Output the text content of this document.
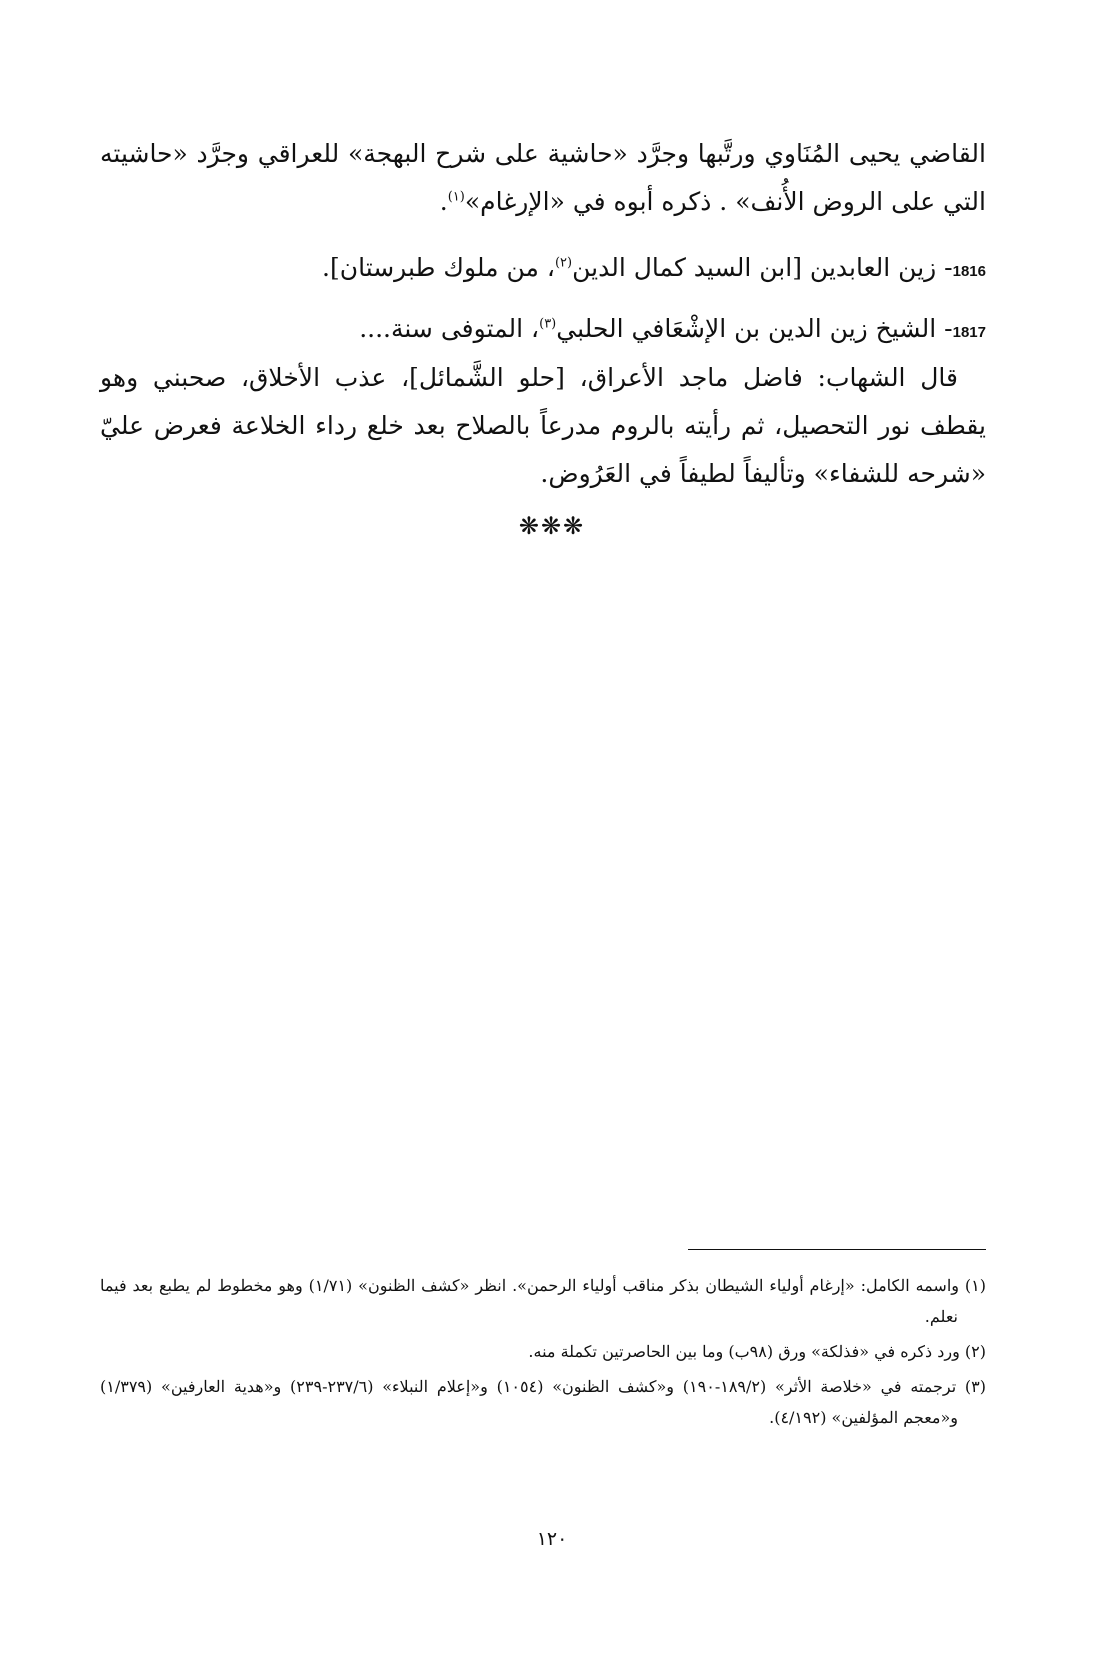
القاضي يحيى المُنَاوي ورتَّبها وجرَّد «حاشية على شرح البهجة» للعراقي وجرَّد «حاشيته التي على الروض الأُنف» . ذكره أبوه في «الإرغام»$^{(١)}$.

1816- زين العابدين [ابن السيد كمال الدين$^{(٢)}$، من ملوك طبرستان].

1817- الشيخ زين الدين بن الإشْعَافي الحلبي$^{(٣)}$، المتوفى سنة....

قال الشهاب: فاضل ماجد الأعراق، [حلو الشَّمائل]، عذب الأخلاق، صحبني وهو يقطف نور التحصيل، ثم رأيته بالروم مدرعاً بالصلاح بعد خلع رداء الخلاعة فعرض عليّ «شرحه للشفاء» وتأليفاً لطيفاً في العَرُوض.

❋❋❋

(١) واسمه الكامل: «إرغام أولياء الشيطان بذكر مناقب أولياء الرحمن». انظر «كشف الظنون» (١/٧١) وهو مخطوط لم يطبع بعد فيما نعلم.

(٢) ورد ذكره في «فذلكة» ورق (٩٨ب) وما بين الحاصرتين تكملة منه.

(٣) ترجمته في «خلاصة الأثر» (١٨٩/٢-١٩٠) و«كشف الظنون» (١٠٥٤) و«إعلام النبلاء» (٢٣٧/٦-٢٣٩) و«هدية العارفين» (١/٣٧٩) و«معجم المؤلفين» (٤/١٩٢).

١٢٠
